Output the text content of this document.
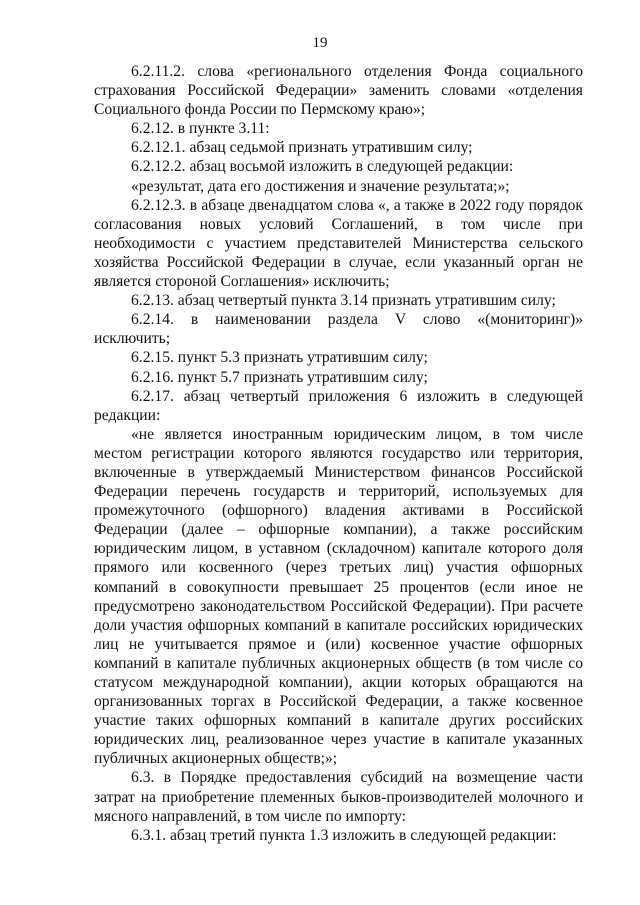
19

6.2.11.2. слова «регионального отделения Фонда социального страхования Российской Федерации» заменить словами «отделения Социального фонда России по Пермскому краю»;

6.2.12. в пункте 3.11:

6.2.12.1. абзац седьмой признать утратившим силу;

6.2.12.2. абзац восьмой изложить в следующей редакции:

«результат, дата его достижения и значение результата;»;

6.2.12.3. в абзаце двенадцатом слова «, а также в 2022 году порядок согласования новых условий Соглашений, в том числе при необходимости с участием представителей Министерства сельского хозяйства Российской Федерации в случае, если указанный орган не является стороной Соглашения» исключить;

6.2.13. абзац четвертый пункта 3.14 признать утратившим силу;

6.2.14. в наименовании раздела V слово «(мониторинг)» исключить;

6.2.15. пункт 5.3 признать утратившим силу;

6.2.16. пункт 5.7 признать утратившим силу;

6.2.17. абзац четвертый приложения 6 изложить в следующей редакции:

«не является иностранным юридическим лицом, в том числе местом регистрации которого являются государство или территория, включенные в утверждаемый Министерством финансов Российской Федерации перечень государств и территорий, используемых для промежуточного (офшорного) владения активами в Российской Федерации (далее – офшорные компании), а также российским юридическим лицом, в уставном (складочном) капитале которого доля прямого или косвенного (через третьих лиц) участия офшорных компаний в совокупности превышает 25 процентов (если иное не предусмотрено законодательством Российской Федерации). При расчете доли участия офшорных компаний в капитале российских юридических лиц не учитывается прямое и (или) косвенное участие офшорных компаний в капитале публичных акционерных обществ (в том числе со статусом международной компании), акции которых обращаются на организованных торгах в Российской Федерации, а также косвенное участие таких офшорных компаний в капитале других российских юридических лиц, реализованное через участие в капитале указанных публичных акционерных обществ;»;

6.3. в Порядке предоставления субсидий на возмещение части затрат на приобретение племенных быков-производителей молочного и мясного направлений, в том числе по импорту:

6.3.1. абзац третий пункта 1.3 изложить в следующей редакции:
